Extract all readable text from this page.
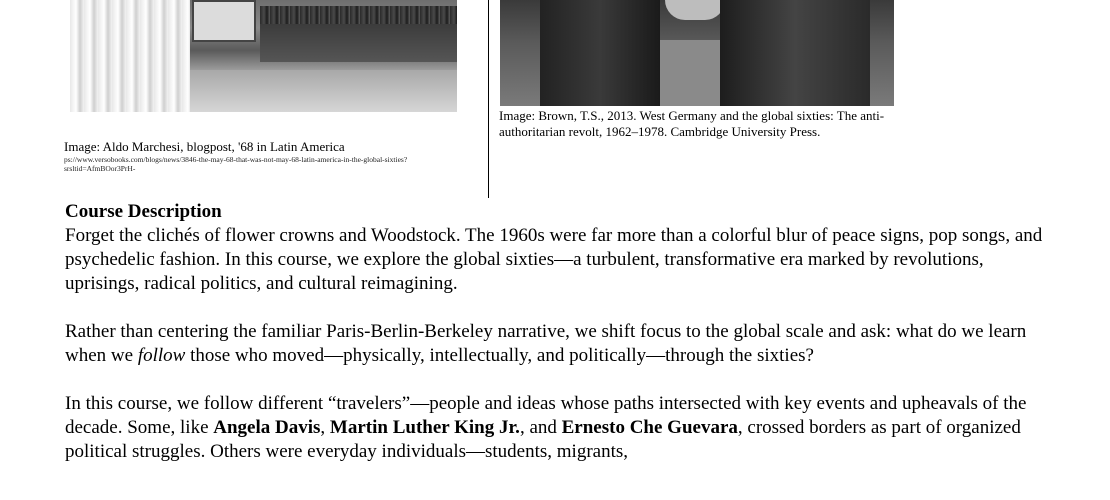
Image: Aldo Marchesi, blogpost, '68 in Latin America
ps://www.versobooks.com/blogs/news/3846-the-may-68-that-was-not-may-68-latin-america-in-the-global-sixties?srsltid=AfmBOor3PrH-
Image: Brown, T.S., 2013. West Germany and the global sixties: The anti-authoritarian revolt, 1962–1978. Cambridge University Press.
Course Description

Forget the clichés of flower crowns and Woodstock. The 1960s were far more than a colorful blur of peace signs, pop songs, and psychedelic fashion. In this course, we explore the global sixties—a turbulent, transformative era marked by revolutions, uprisings, radical politics, and cultural reimagining.

Rather than centering the familiar Paris-Berlin-Berkeley narrative, we shift focus to the global scale and ask: what do we learn when we follow those who moved—physically, intellectually, and politically—through the sixties?

In this course, we follow different “travelers”—people and ideas whose paths intersected with key events and upheavals of the decade. Some, like Angela Davis, Martin Luther King Jr., and Ernesto Che Guevara, crossed borders as part of organized political struggles. Others were everyday individuals—students, migrants,
